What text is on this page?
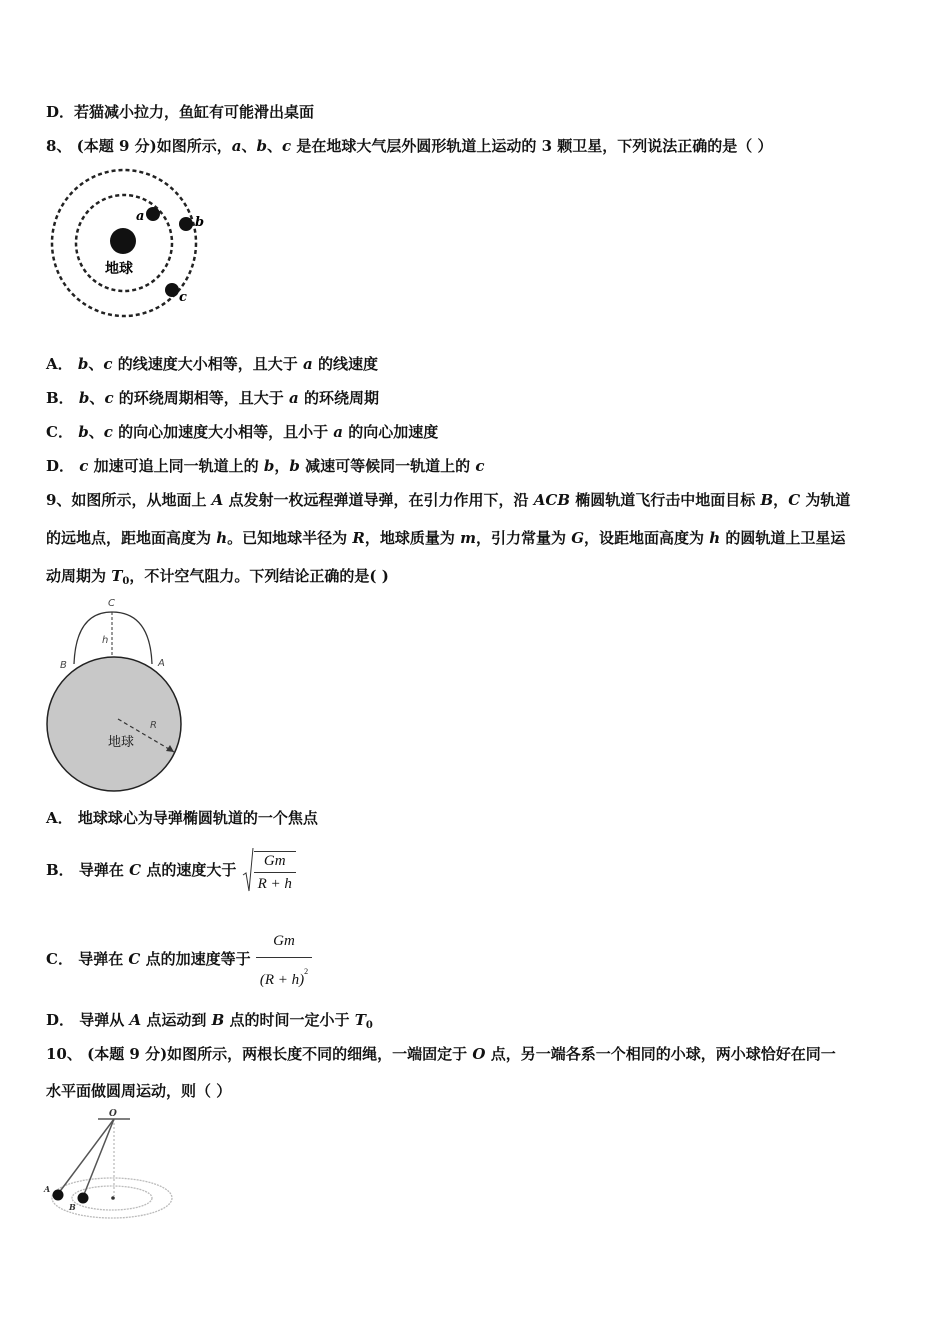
D．若猫减小拉力，鱼缸有可能滑出桌面
8、 (本题 9 分)如图所示，a、b、c 是在地球大气层外圆形轨道上运动的 3 颗卫星，下列说法正确的是（ ）
地球
a	b
c
A． b、c 的线速度大小相等，且大于 a 的线速度
B． b、c 的环绕周期相等，且大于 a 的环绕周期
C． b、c 的向心加速度大小相等，且小于 a 的向心加速度
D． c 加速可追上同一轨道上的 b，b 减速可等候同一轨道上的 c
9、如图所示，从地面上 A 点发射一枚远程弹道导弹，在引力作用下，沿 ACB 椭圆轨道飞行击中地面目标 B，C 为轨道
的远地点，距地面高度为 h。已知地球半径为 R，地球质量为 m，引力常量为 G，设距地面高度为 h 的圆轨道上卫星运
动周期为 $T_0$，不计空气阻力。下列结论正确的是( )
C
h
B	A
R
地球
A． 地球球心为导弹椭圆轨道的一个焦点
B． 导弹在 C 点的速度大于 $\frac{Gm}{R + h}$
C． 导弹在 C 点的加速度等于 $\frac{Gm}{(R + h)^2}$
D． 导弹从 A 点运动到 B 点的时间一定小于 $T_0$
10、 (本题 9 分)如图所示，两根长度不同的细绳，一端固定于 O 点，另一端各系一个相同的小球，两小球恰好在同一
水平面做圆周运动，则（ ）
O
A
B
